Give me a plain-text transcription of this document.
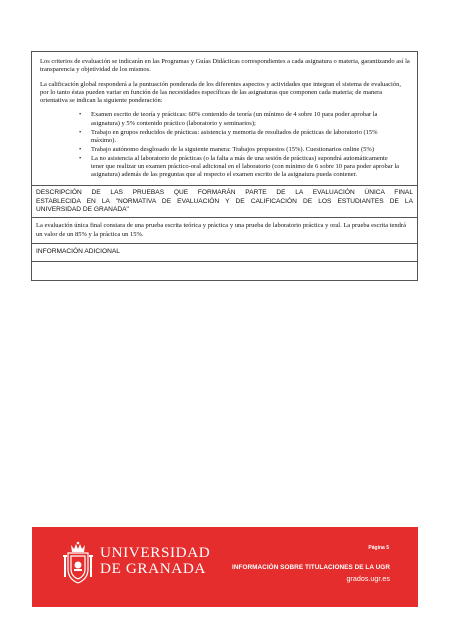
Los criterios de evaluación se indicarán en las Programas y Guías Didácticas correspondientes a cada asignatura o materia, garantizando así la transparencia y objetividad de los mismos.

La calificación global responderá a la puntuación ponderada de los diferentes aspectos y actividades que integran el sistema de evaluación, por lo tanto éstas pueden variar en función de las necesidades específicas de las asignaturas que componen cada materia; de manera orientativa se indican la siguiente ponderación:

• Examen escrito de teoría y prácticas: 60% contenido de teoría (un mínimo de 4 sobre 10 para poder aprobar la asignatura) y 5% contenido práctico (laboratorio y seminarios);
• Trabajo en grupos reducidos de prácticas: asistencia y memoria de resultados de prácticas de laboratorio (15% máximo).
• Trabajo autónomo desglosado de la siguiente manera: Trabajos propuestos (15%). Cuestionarios online (5%)
• La no asistencia al laboratorio de prácticas (o la falta a más de una sesión de prácticas) supondrá automáticamente tener que realizar un examen práctico-oral adicional en el laboratorio (con mínimo de 6 sobre 10 para poder aprobar la asignatura) además de las preguntas que al respecto el examen escrito de la asignatura pueda contener.
DESCRIPCIÓN DE LAS PRUEBAS QUE FORMARÁN PARTE DE LA EVALUACIÓN ÚNICA FINAL
ESTABLECIDA EN LA "NORMATIVA DE EVALUACIÓN Y DE CALIFICACIÓN DE LOS ESTUDIANTES DE LA
UNIVERSIDAD DE GRANADA"

La evaluación única final constara de una prueba escrita teórica y práctica y una prueba de laboratorio práctica y oral. La prueba escrita tendrá un valor de un 85% y la práctica un 15%.

INFORMACIÓN ADICIONAL
UNIVERSIDAD
DE GRANADA
Página 5
INFORMACIÓN SOBRE TITULACIONES DE LA UGR
grados.ugr.es
